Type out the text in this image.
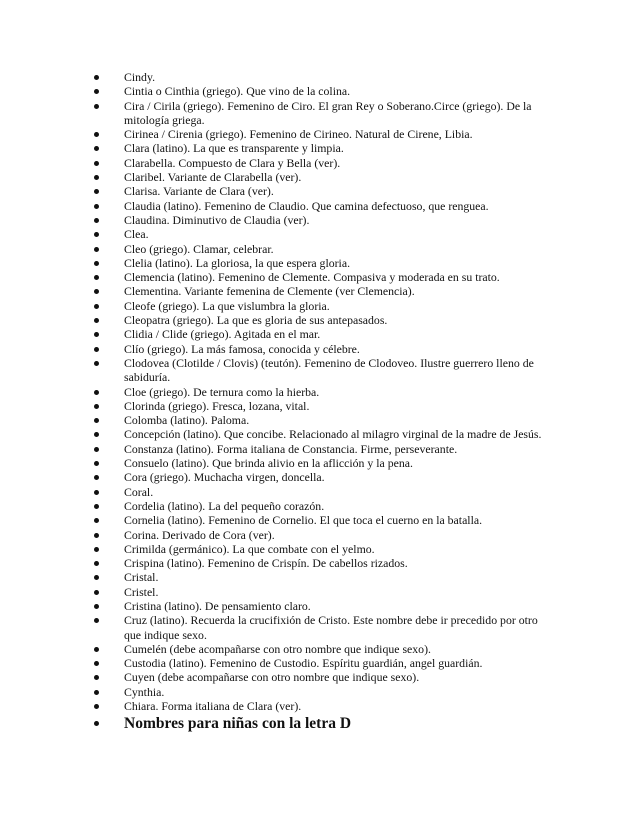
Cindy.
Cintia o Cinthia (griego). Que vino de la colina.
Cira / Cirila (griego). Femenino de Ciro. El gran Rey o Soberano.Circe (griego). De la mitología griega.
Cirinea / Cirenia (griego). Femenino de Cirineo. Natural de Cirene, Libia.
Clara (latino). La que es transparente y limpia.
Clarabella. Compuesto de Clara y Bella (ver).
Claribel. Variante de Clarabella (ver).
Clarisa. Variante de Clara (ver).
Claudia (latino). Femenino de Claudio. Que camina defectuoso, que renguea.
Claudina. Diminutivo de Claudia (ver).
Clea.
Cleo (griego). Clamar, celebrar.
Clelia (latino). La gloriosa, la que espera gloria.
Clemencia (latino). Femenino de Clemente. Compasiva y moderada en su trato.
Clementina. Variante femenina de Clemente (ver Clemencia).
Cleofe (griego). La que vislumbra la gloria.
Cleopatra (griego). La que es gloria de sus antepasados.
Clidia / Clide (griego). Agitada en el mar.
Clío (griego). La más famosa, conocida y célebre.
Clodovea (Clotilde / Clovis) (teutón). Femenino de Clodoveo. Ilustre guerrero lleno de sabiduría.
Cloe (griego). De ternura como la hierba.
Clorinda (griego). Fresca, lozana, vital.
Colomba (latino). Paloma.
Concepción (latino). Que concibe. Relacionado al milagro virginal de la madre de Jesús.
Constanza (latino). Forma italiana de Constancia. Firme, perseverante.
Consuelo (latino). Que brinda alivio en la aflicción y la pena.
Cora (griego). Muchacha virgen, doncella.
Coral.
Cordelia (latino). La del pequeño corazón.
Cornelia (latino). Femenino de Cornelio. El que toca el cuerno en la batalla.
Corina. Derivado de Cora (ver).
Crimilda (germánico). La que combate con el yelmo.
Crispina (latino). Femenino de Crispín. De cabellos rizados.
Cristal.
Cristel.
Cristina (latino). De pensamiento claro.
Cruz (latino). Recuerda la crucifixión de Cristo. Este nombre debe ir precedido por otro que indique sexo.
Cumelén (debe acompañarse con otro nombre que indique sexo).
Custodia (latino). Femenino de Custodio. Espíritu guardián, angel guardián.
Cuyen (debe acompañarse con otro nombre que indique sexo).
Cynthia.
Chiara. Forma italiana de Clara (ver).
Nombres para niñas con la letra D
